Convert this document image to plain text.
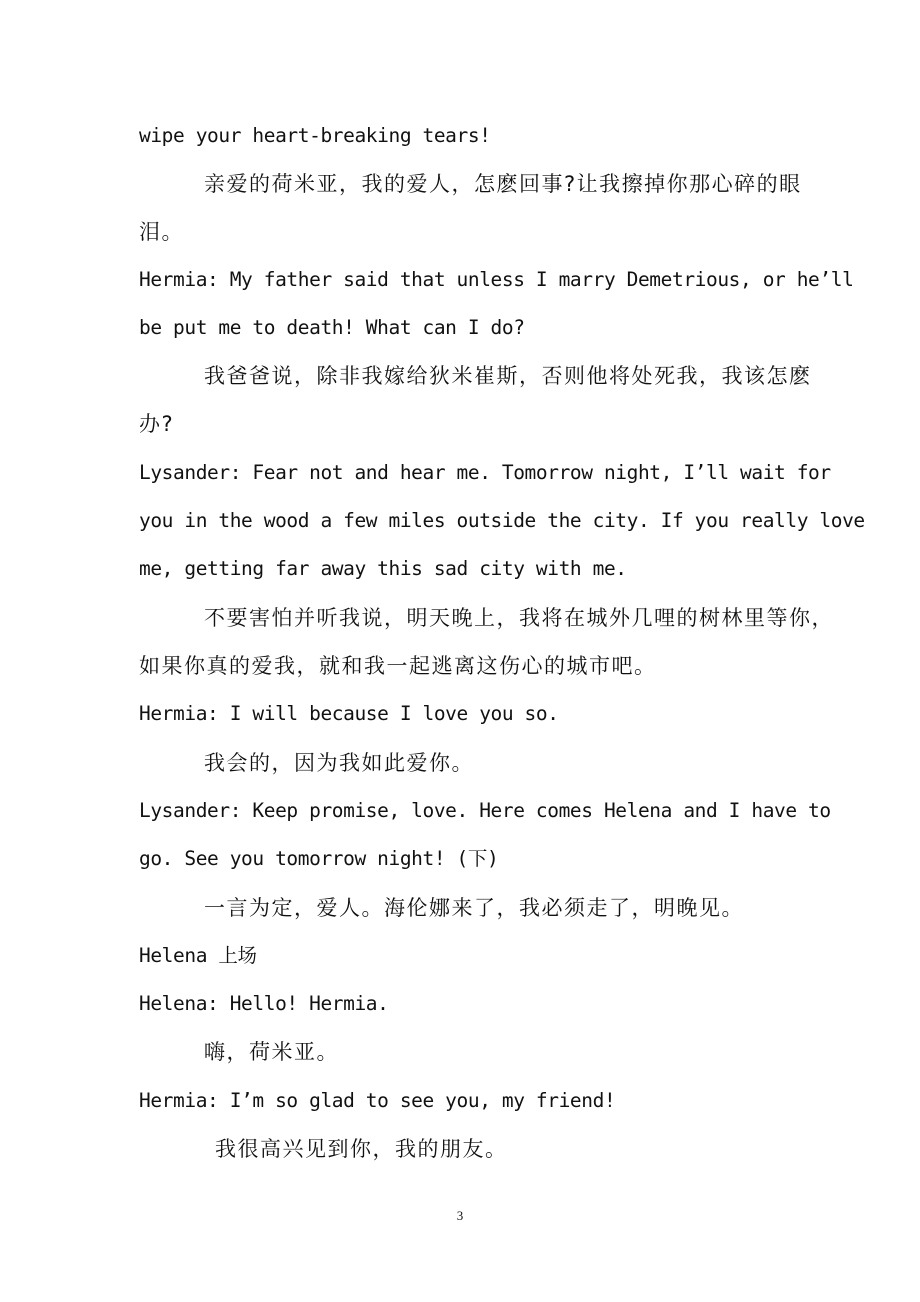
wipe your heart-breaking tears!
亲爱的荷米亚，我的爱人，怎麽回事?让我擦掉你那心碎的眼
泪。
Hermia: My father said that unless I marry Demetrious, or he’ll
be put me to death! What can I do?
我爸爸说，除非我嫁给狄米崔斯，否则他将处死我，我该怎麽
办?
Lysander: Fear not and hear me. Tomorrow night, I’ll wait for
you in the wood a few miles outside the city. If you really love
me, getting far away this sad city with me.
不要害怕并听我说，明天晚上，我将在城外几哩的树林里等你，
如果你真的爱我，就和我一起逃离这伤心的城市吧。
Hermia: I will because I love you so.
我会的，因为我如此爱你。
Lysander: Keep promise, love. Here comes Helena and I have to
go. See you tomorrow night! (下)
一言为定，爱人。海伦娜来了，我必须走了，明晚见。
Helena 上场
Helena: Hello! Hermia.
嗨，荷米亚。
Hermia: I’m so glad to see you, my friend!
我很高兴见到你，我的朋友。
3
